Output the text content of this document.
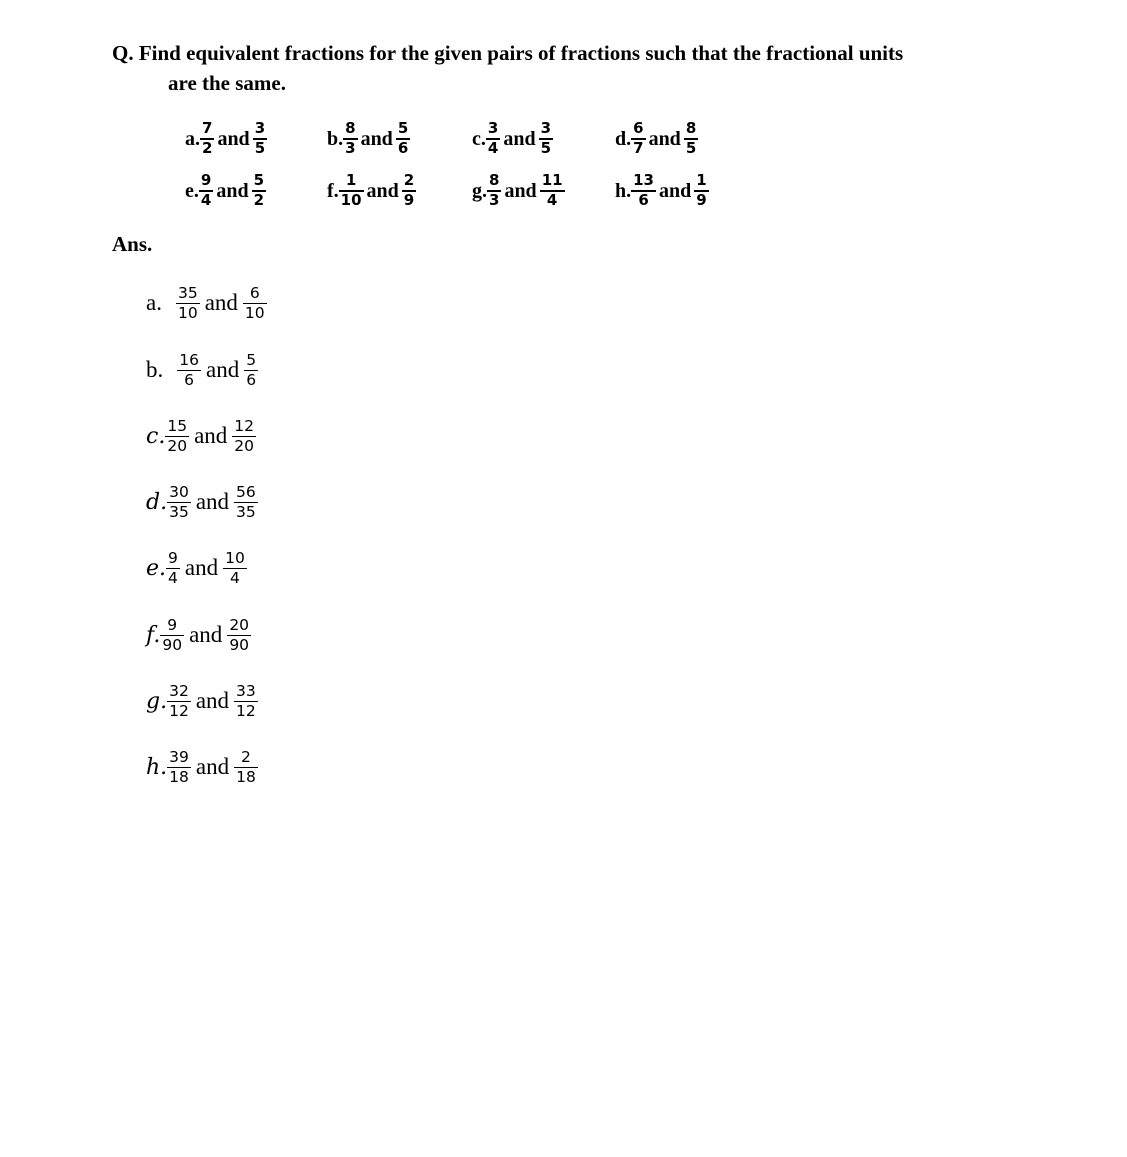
Q. Find equivalent fractions for the given pairs of fractions such that the fractional units
are the same.
a. $\frac{7}{2}$ and $\frac{3}{5}$	b. $\frac{8}{3}$ and $\frac{5}{6}$	c. $\frac{3}{4}$ and $\frac{3}{5}$	d. $\frac{6}{7}$ and $\frac{8}{5}$
e. $\frac{9}{4}$ and $\frac{5}{2}$	f. $\frac{1}{10}$ and $\frac{2}{9}$	g. $\frac{8}{3}$ and $\frac{11}{4}$	h. $\frac{13}{6}$ and $\frac{1}{9}$
Ans.
a. $\frac{35}{10}$ and $\frac{6}{10}$
b. $\frac{16}{6}$ and $\frac{5}{6}$
c. $\frac{15}{20}$ and $\frac{12}{20}$
d. $\frac{30}{35}$ and $\frac{56}{35}$
e. $\frac{9}{4}$ and $\frac{10}{4}$
f. $\frac{9}{90}$ and $\frac{20}{90}$
g. $\frac{32}{12}$ and $\frac{33}{12}$
h. $\frac{39}{18}$ and $\frac{2}{18}$
